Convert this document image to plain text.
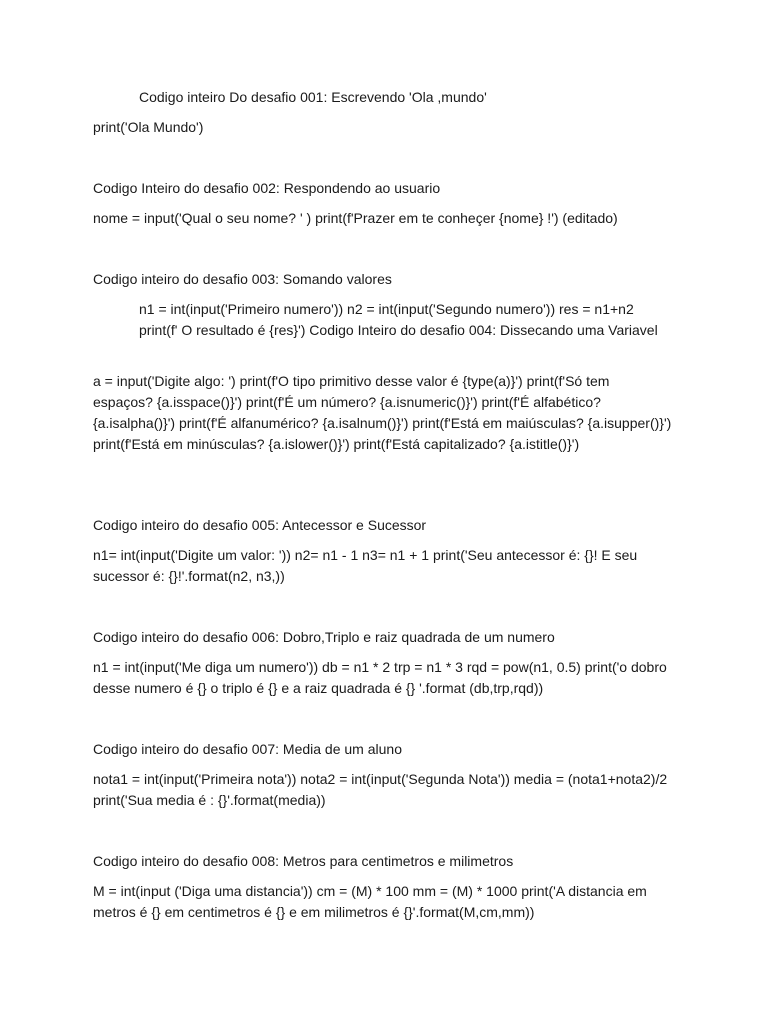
Codigo inteiro Do desafio 001: Escrevendo 'Ola ,mundo'
print('Ola Mundo')
Codigo Inteiro do desafio 002: Respondendo ao usuario
nome = input('Qual o seu nome? ' ) print(f'Prazer em te conheçer {nome} !') (editado)
Codigo inteiro do desafio 003: Somando valores
n1 = int(input('Primeiro numero')) n2 = int(input('Segundo numero')) res = n1+n2 print(f' O resultado é {res}') Codigo Inteiro do desafio 004: Dissecando uma Variavel
a = input('Digite algo: ') print(f'O tipo primitivo desse valor é {type(a)}') print(f'Só tem espaços? {a.isspace()}') print(f'É um número? {a.isnumeric()}') print(f'É alfabético? {a.isalpha()}') print(f'É alfanumérico? {a.isalnum()}') print(f'Está em maiúsculas? {a.isupper()}') print(f'Está em minúsculas? {a.islower()}') print(f'Está capitalizado? {a.istitle()}')
Codigo inteiro do desafio 005: Antecessor e Sucessor
n1= int(input('Digite um valor: ')) n2= n1 - 1 n3= n1 + 1 print('Seu antecessor é: {}! E seu sucessor é: {}!'.format(n2, n3,))
Codigo inteiro do desafio 006: Dobro,Triplo e raiz quadrada de um numero
n1 = int(input('Me diga um numero')) db = n1 * 2 trp = n1 * 3 rqd = pow(n1, 0.5) print('o dobro desse numero é {} o triplo é {} e a raiz quadrada é {} '.format (db,trp,rqd))
Codigo inteiro do desafio 007: Media de um aluno
nota1 = int(input('Primeira nota')) nota2 = int(input('Segunda Nota')) media = (nota1+nota2)/2 print('Sua media é : {}'.format(media))
Codigo inteiro do desafio 008: Metros para centimetros e milimetros
M = int(input ('Diga uma distancia')) cm = (M) * 100 mm = (M) * 1000 print('A distancia em metros é {} em centimetros é {} e em milimetros é {}'.format(M,cm,mm))
